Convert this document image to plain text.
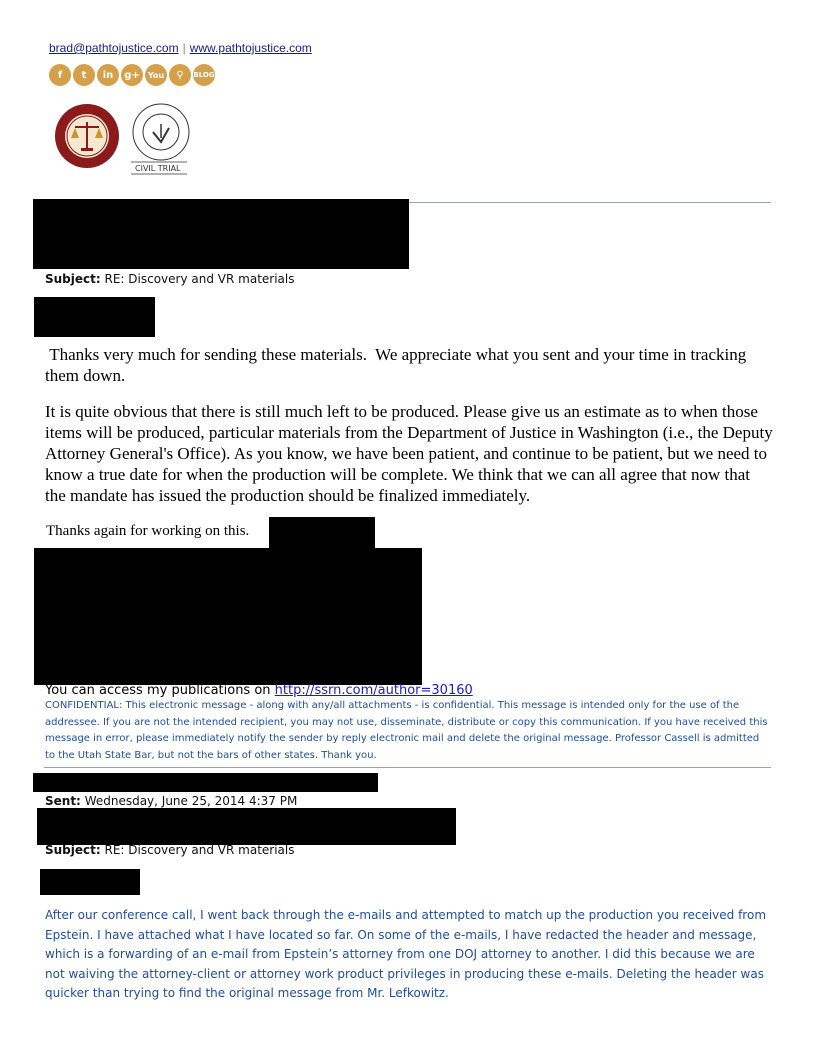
brad@pathtojustice.com | www.pathtojustice.com
f	t	in	g+	You	⚲	BLOG
CIVIL TRIAL
Subject: RE: Discovery and VR materials
Thanks very much for sending these materials.  We appreciate what you sent and your time in tracking them down.
It is quite obvious that there is still much left to be produced. Please give us an estimate as to when those items will be produced, particular materials from the Department of Justice in Washington (i.e., the Deputy Attorney General's Office). As you know, we have been patient, and continue to be patient, but we need to know a true date for when the production will be complete. We think that we can all agree that now that the mandate has issued the production should be finalized immediately.
Thanks again for working on this.
You can access my publications on http://ssrn.com/author=30160
CONFIDENTIAL: This electronic message - along with any/all attachments - is confidential. This message is intended only for the use of the addressee. If you are not the intended recipient, you may not use, disseminate, distribute or copy this communication. If you have received this message in error, please immediately notify the sender by reply electronic mail and delete the original message. Professor Cassell is admitted to the Utah State Bar, but not the bars of other states. Thank you.
Sent: Wednesday, June 25, 2014 4:37 PM
Subject: RE: Discovery and VR materials
After our conference call, I went back through the e-mails and attempted to match up the production you received from Epstein. I have attached what I have located so far. On some of the e-mails, I have redacted the header and message, which is a forwarding of an e-mail from Epstein’s attorney from one DOJ attorney to another. I did this because we are not waiving the attorney-client or attorney work product privileges in producing these e-mails. Deleting the header was quicker than trying to find the original message from Mr. Lefkowitz.
